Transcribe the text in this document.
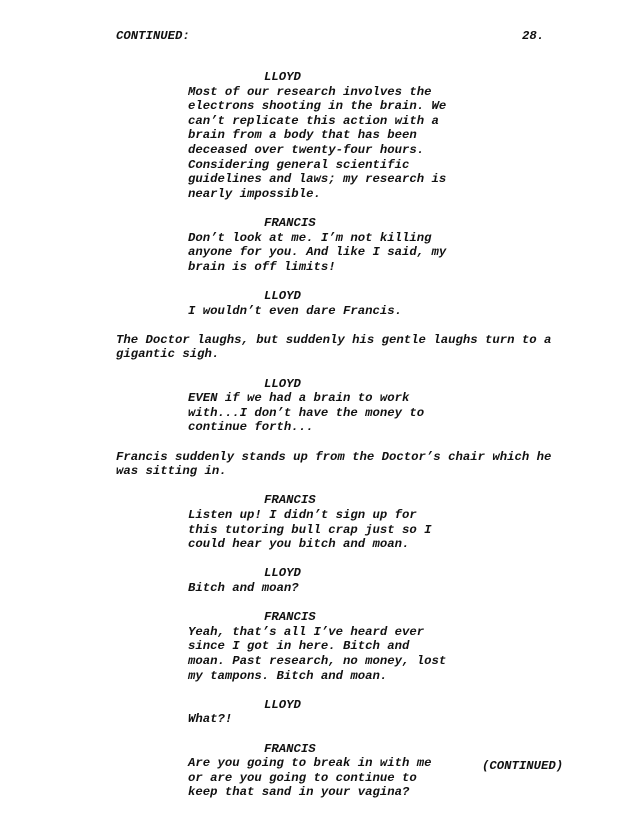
CONTINUED:	28.
LLOYD
Most of our research involves the
electrons shooting in the brain. We
can’t replicate this action with a
brain from a body that has been
deceased over twenty-four hours.
Considering general scientific
guidelines and laws; my research is
nearly impossible.
FRANCIS
Don’t look at me. I’m not killing
anyone for you. And like I said, my
brain is off limits!
LLOYD
I wouldn’t even dare Francis.
The Doctor laughs, but suddenly his gentle laughs turn to a
gigantic sigh.
LLOYD
EVEN if we had a brain to work
with...I don’t have the money to
continue forth...
Francis suddenly stands up from the Doctor’s chair which he
was sitting in.
FRANCIS
Listen up! I didn’t sign up for
this tutoring bull crap just so I
could hear you bitch and moan.
LLOYD
Bitch and moan?
FRANCIS
Yeah, that’s all I’ve heard ever
since I got in here. Bitch and
moan. Past research, no money, lost
my tampons. Bitch and moan.
LLOYD
What?!
FRANCIS
Are you going to break in with me
or are you going to continue to
keep that sand in your vagina?
(CONTINUED)
